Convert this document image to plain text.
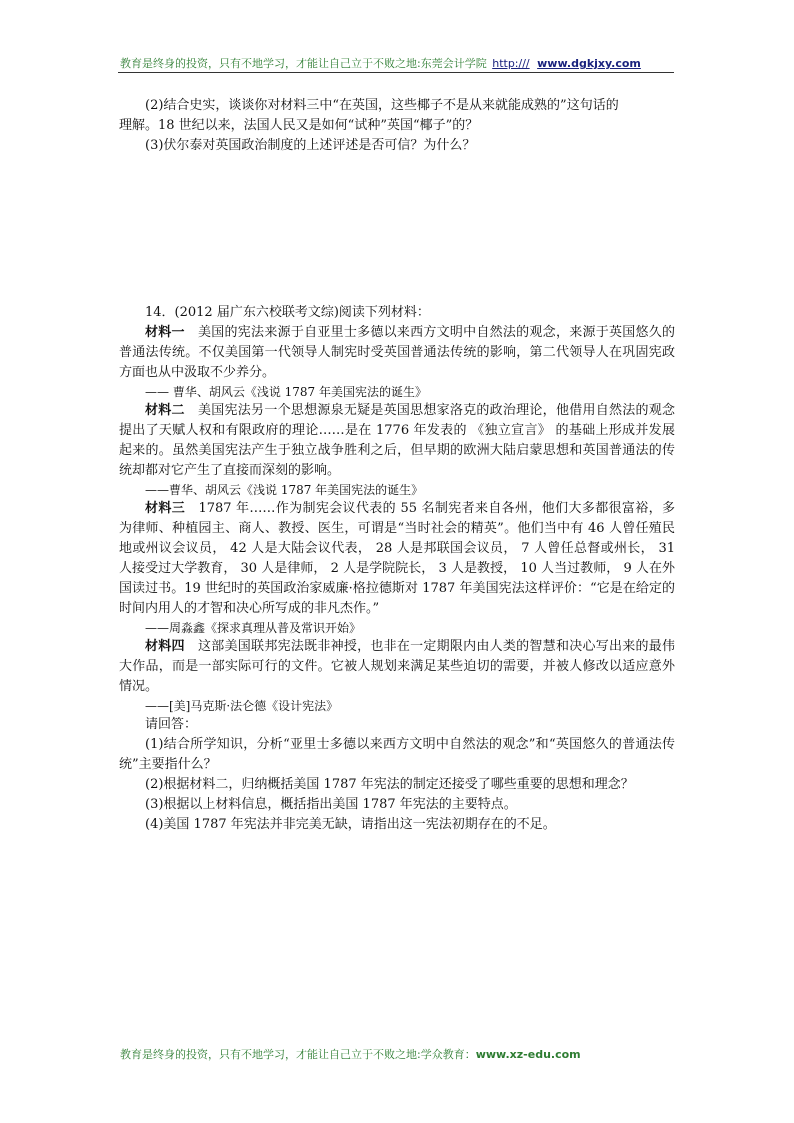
教育是终身的投资，只有不地学习，才能让自己立于不败之地:东莞会计学院 http:/// www.dgkjxy.com

(2)结合史实，谈谈你对材料三中“在英国，这些椰子不是从来就能成熟的”这句话的
理解。18 世纪以来，法国人民又是如何“试种”英国“椰子”的？

(3)伏尔泰对英国政治制度的上述评述是否可信？为什么？

14．(2012 届广东六校联考文综)阅读下列材料：

材料一　美国的宪法来源于自亚里士多德以来西方文明中自然法的观念，来源于英国悠久的普通法传统。不仅美国第一代领导人制宪时受英国普通法传统的影响，第二代领导人在巩固宪政方面也从中汲取不少养分。

—— 曹华、胡风云《浅说 1787 年美国宪法的诞生》

材料二　美国宪法另一个思想源泉无疑是英国思想家洛克的政治理论，他借用自然法的观念提出了天赋人权和有限政府的理论……是在 1776 年发表的 《独立宣言》 的基础上形成并发展起来的。虽然美国宪法产生于独立战争胜利之后，但早期的欧洲大陆启蒙思想和英国普通法的传统却都对它产生了直接而深刻的影响。

——曹华、胡风云《浅说 1787 年美国宪法的诞生》

材料三　1787 年……作为制宪会议代表的 55 名制宪者来自各州，他们大多都很富裕，多为律师、种植园主、商人、教授、医生，可谓是“当时社会的精英”。他们当中有 46 人曾任殖民地或州议会议员， 42 人是大陆会议代表， 28 人是邦联国会议员， 7 人曾任总督或州长， 31 人接受过大学教育， 30 人是律师， 2 人是学院院长， 3 人是教授， 10 人当过教师， 9 人在外国读过书。19 世纪时的英国政治家威廉·格拉德斯对 1787 年美国宪法这样评价：“它是在给定的时间内用人的才智和决心所写成的非凡杰作。”

——周淼鑫《探求真理从普及常识开始》

材料四　这部美国联邦宪法既非神授，也非在一定期限内由人类的智慧和决心写出来的最伟大作品，而是一部实际可行的文件。它被人规划来满足某些迫切的需要，并被人修改以适应意外情况。

——[美]马克斯·法仑德《设计宪法》

请回答：

(1)结合所学知识，分析“亚里士多德以来西方文明中自然法的观念”和“英国悠久的普通法传统”主要指什么？

(2)根据材料二，归纳概括美国 1787 年宪法的制定还接受了哪些重要的思想和理念？

(3)根据以上材料信息，概括指出美国 1787 年宪法的主要特点。

(4)美国 1787 年宪法并非完美无缺，请指出这一宪法初期存在的不足。

教育是终身的投资，只有不地学习，才能让自己立于不败之地:学众教育：www.xz-edu.com
